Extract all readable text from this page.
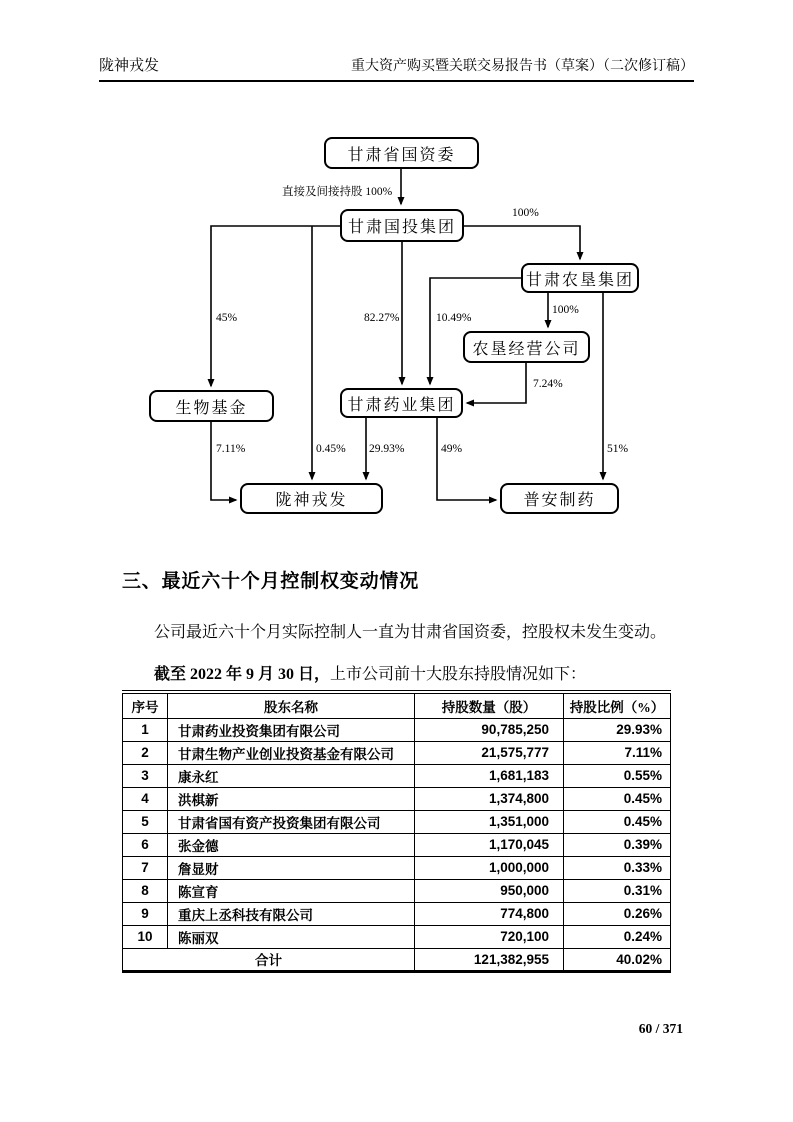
陇神戎发	重大资产购买暨关联交易报告书（草案）（二次修订稿）
甘肃省国资委
甘肃国投集团
甘肃农垦集团
农垦经营公司
生物基金	甘肃药业集团
陇神戎发	普安制药
直接及间接持股 100%
100%
45%	82.27%	10.49%
100%
7.24%
7.11%	0.45% 29.93%	49%	51%
三、最近六十个月控制权变动情况

公司最近六十个月实际控制人一直为甘肃省国资委，控股权未发生变动。

截至 2022 年 9 月 30 日，上市公司前十大股东持股情况如下：

序号	股东名称	持股数量（股）	持股比例（%）
1	甘肃药业投资集团有限公司	90,785,250	29.93%
2	甘肃生物产业创业投资基金有限公司	21,575,777	7.11%
3	康永红	1,681,183	0.55%
4	洪棋新	1,374,800	0.45%
5	甘肃省国有资产投资集团有限公司	1,351,000	0.45%
6	张金德	1,170,045	0.39%
7	詹显财	1,000,000	0.33%
8	陈宣育	950,000	0.31%
9	重庆上丞科技有限公司	774,800	0.26%
10	陈丽双	720,100	0.24%
合计		121,382,955	40.02%
60 / 371
